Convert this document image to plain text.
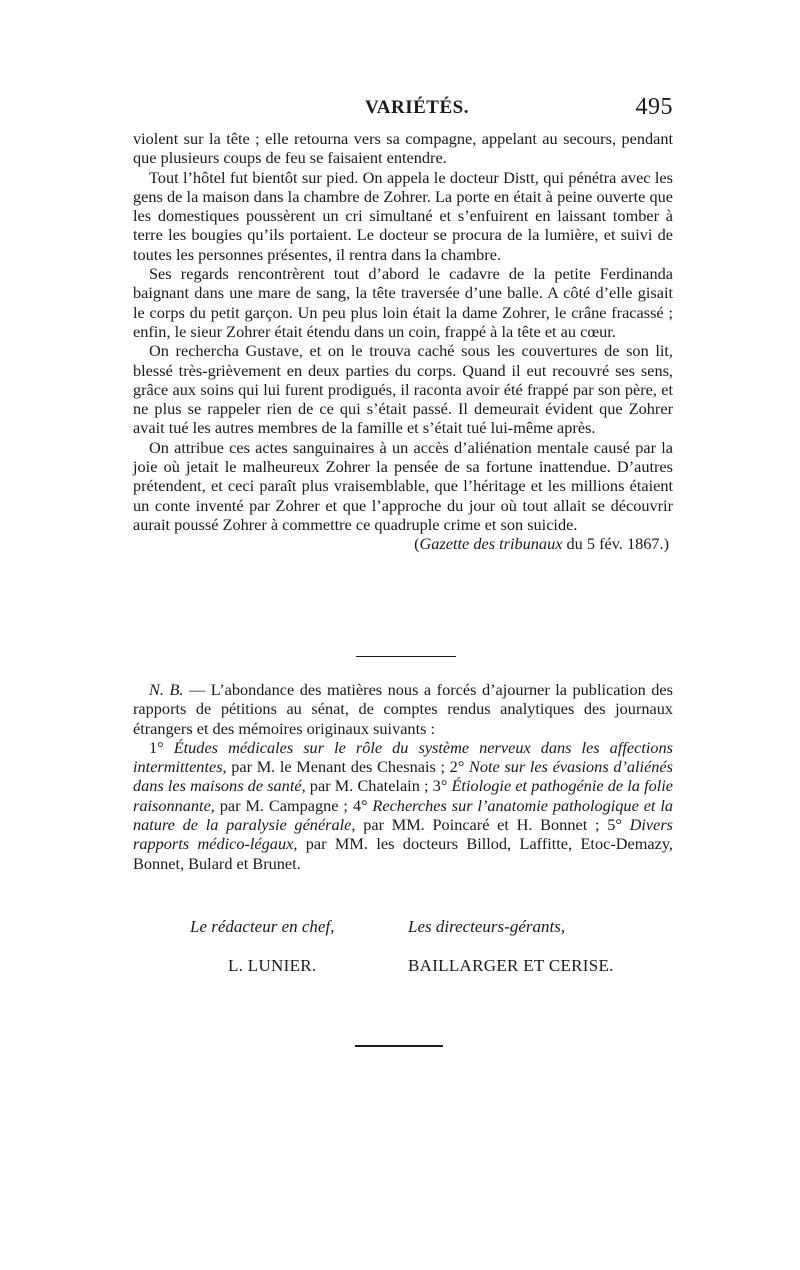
VARIÉTÉS.	495

violent sur la tête ; elle retourna vers sa compagne, appelant au secours, pendant que plusieurs coups de feu se faisaient entendre.

Tout l’hôtel fut bientôt sur pied. On appela le docteur Distt, qui pénétra avec les gens de la maison dans la chambre de Zohrer. La porte en était à peine ouverte que les domestiques poussèrent un cri simultané et s’enfuirent en laissant tomber à terre les bougies qu’ils portaient. Le docteur se procura de la lumière, et suivi de toutes les personnes présentes, il rentra dans la chambre.

Ses regards rencontrèrent tout d’abord le cadavre de la petite Ferdinanda baignant dans une mare de sang, la tête traversée d’une balle. A côté d’elle gisait le corps du petit garçon. Un peu plus loin était la dame Zohrer, le crâne fracassé ; enfin, le sieur Zohrer était étendu dans un coin, frappé à la tête et au cœur.

On rechercha Gustave, et on le trouva caché sous les couvertures de son lit, blessé très-grièvement en deux parties du corps. Quand il eut recouvré ses sens, grâce aux soins qui lui furent prodigués, il raconta avoir été frappé par son père, et ne plus se rappeler rien de ce qui s’était passé. Il demeurait évident que Zohrer avait tué les autres membres de la famille et s’était tué lui-même après.

On attribue ces actes sanguinaires à un accès d’aliénation mentale causé par la joie où jetait le malheureux Zohrer la pensée de sa fortune inattendue. D’autres prétendent, et ceci paraît plus vraisemblable, que l’héritage et les millions étaient un conte inventé par Zohrer et que l’approche du jour où tout allait se découvrir aurait poussé Zohrer à commettre ce quadruple crime et son suicide.

(Gazette des tribunaux du 5 fév. 1867.)

N. B. — L’abondance des matières nous a forcés d’ajourner la publication des rapports de pétitions au sénat, de comptes rendus analytiques des journaux étrangers et des mémoires originaux suivants :

1° Études médicales sur le rôle du système nerveux dans les affections intermittentes, par M. le Menant des Chesnais ; 2° Note sur les évasions d’aliénés dans les maisons de santé, par M. Chatelain ; 3° Étiologie et pathogénie de la folie raisonnante, par M. Campagne ; 4° Recherches sur l’anatomie pathologique et la nature de la paralysie générale, par MM. Poincaré et H. Bonnet ; 5° Divers rapports médico-légaux, par MM. les docteurs Billod, Laffitte, Etoc-Demazy, Bonnet, Bulard et Brunet.

Le rédacteur en chef,	Les directeurs-gérants,
L. LUNIER.	BAILLARGER ET CERISE.
